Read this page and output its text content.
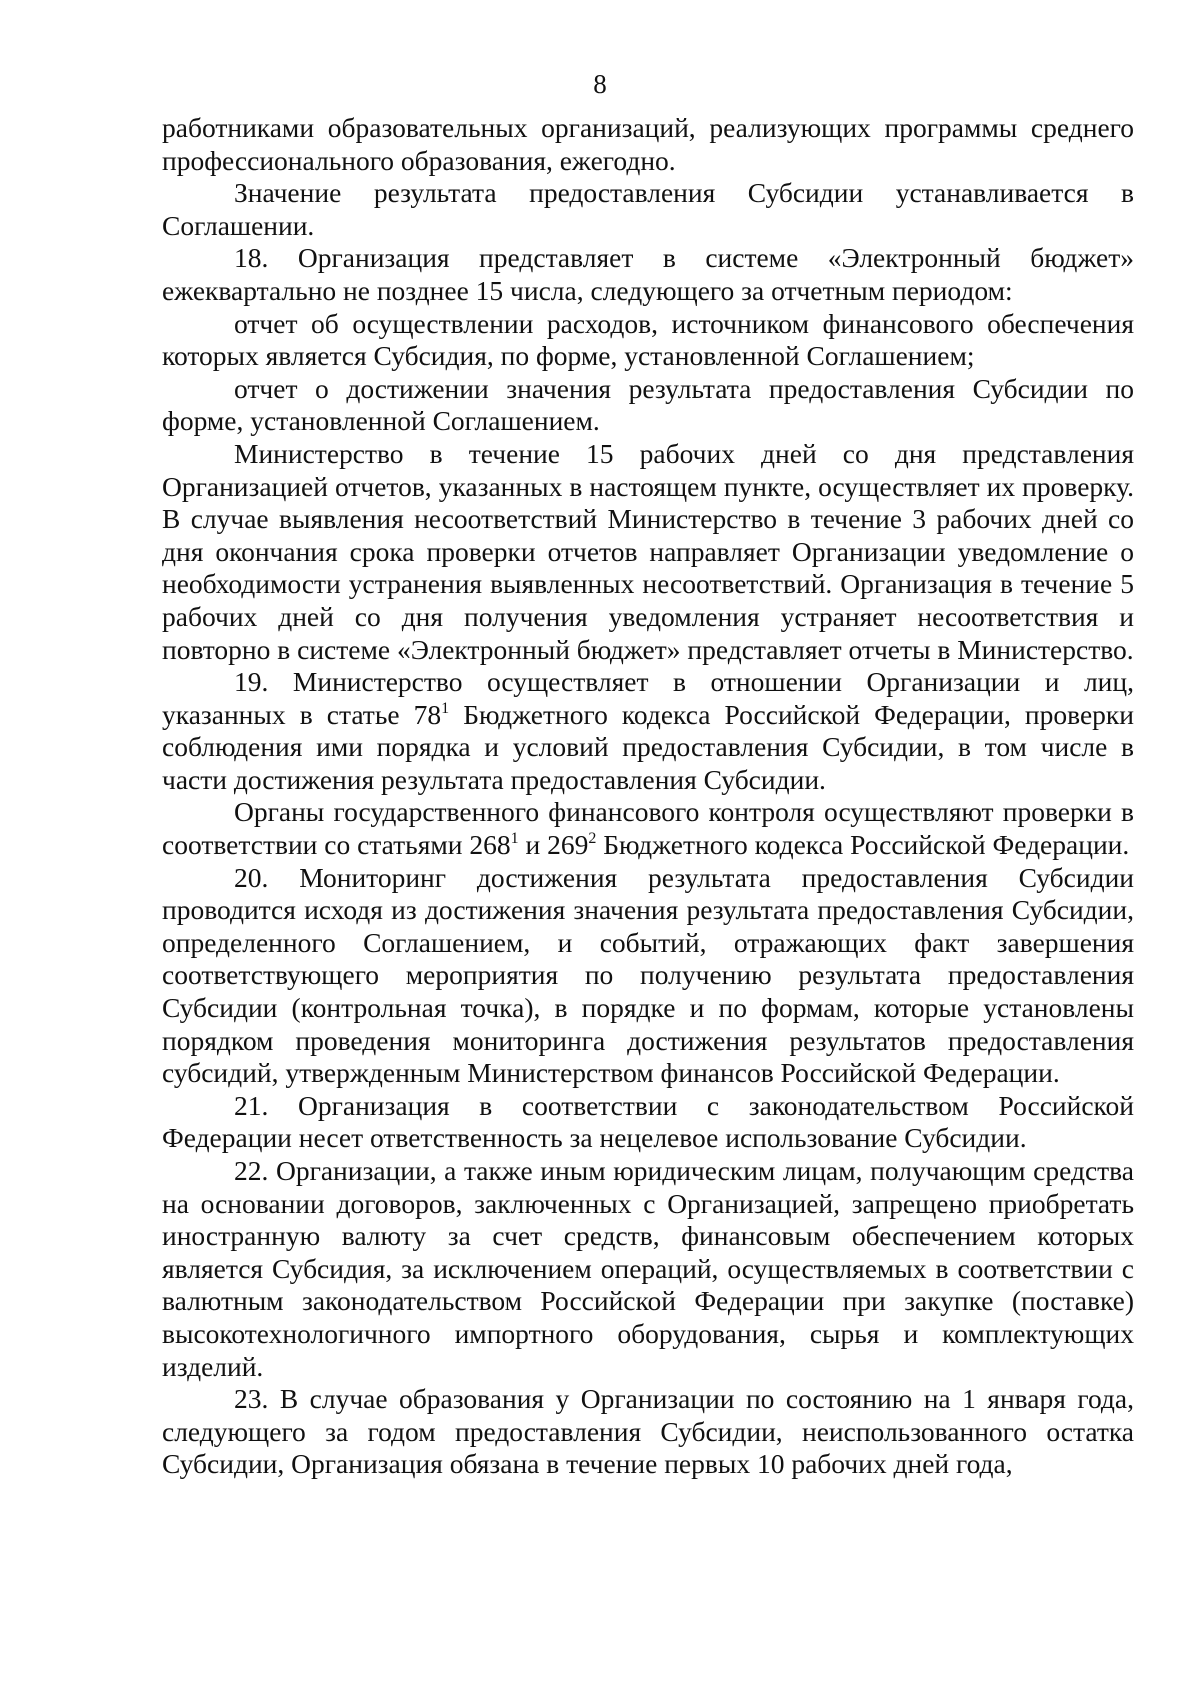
8

работниками образовательных организаций, реализующих программы среднего профессионального образования, ежегодно.

Значение результата предоставления Субсидии устанавливается в Соглашении.

18. Организация представляет в системе «Электронный бюджет» ежеквартально не позднее 15 числа, следующего за отчетным периодом:

отчет об осуществлении расходов, источником финансового обеспечения которых является Субсидия, по форме, установленной Соглашением;

отчет о достижении значения результата предоставления Субсидии по форме, установленной Соглашением.

Министерство в течение 15 рабочих дней со дня представления Организацией отчетов, указанных в настоящем пункте, осуществляет их проверку. В случае выявления несоответствий Министерство в течение 3 рабочих дней со дня окончания срока проверки отчетов направляет Организации уведомление о необходимости устранения выявленных несоответствий. Организация в течение 5 рабочих дней со дня получения уведомления устраняет несоответствия и повторно в системе «Электронный бюджет» представляет отчеты в Министерство.

19. Министерство осуществляет в отношении Организации и лиц, указанных в статье $78^1$ Бюджетного кодекса Российской Федерации, проверки соблюдения ими порядка и условий предоставления Субсидии, в том числе в части достижения результата предоставления Субсидии.

Органы государственного финансового контроля осуществляют проверки в соответствии со статьями $268^1$ и $269^2$ Бюджетного кодекса Российской Федерации.

20. Мониторинг достижения результата предоставления Субсидии проводится исходя из достижения значения результата предоставления Субсидии, определенного Соглашением, и событий, отражающих факт завершения соответствующего мероприятия по получению результата предоставления Субсидии (контрольная точка), в порядке и по формам, которые установлены порядком проведения мониторинга достижения результатов предоставления субсидий, утвержденным Министерством финансов Российской Федерации.

21. Организация в соответствии с законодательством Российской Федерации несет ответственность за нецелевое использование Субсидии.

22. Организации, а также иным юридическим лицам, получающим средства на основании договоров, заключенных с Организацией, запрещено приобретать иностранную валюту за счет средств, финансовым обеспечением которых является Субсидия, за исключением операций, осуществляемых в соответствии с валютным законодательством Российской Федерации при закупке (поставке) высокотехнологичного импортного оборудования, сырья и комплектующих изделий.

23. В случае образования у Организации по состоянию на 1 января года, следующего за годом предоставления Субсидии, неиспользованного остатка Субсидии, Организация обязана в течение первых 10 рабочих дней года,
